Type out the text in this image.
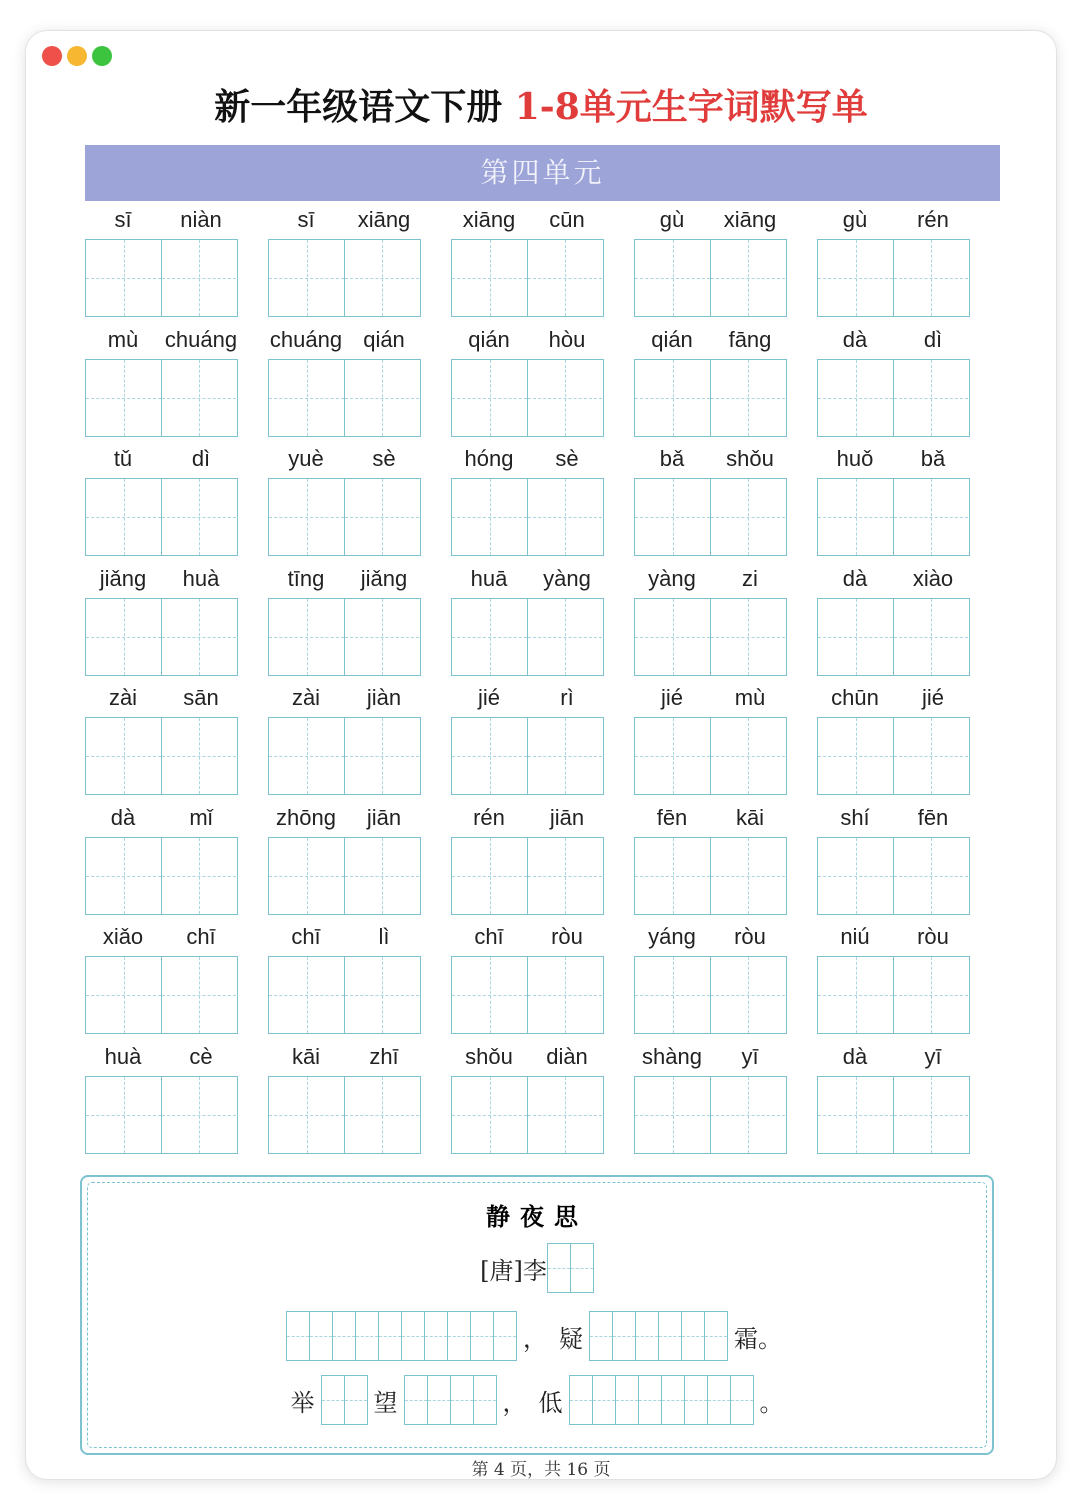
新一年级语文下册 1-8单元生字词默写单
第四单元
sī	niàn	sī	xiāng	xiāng	cūn	gù	xiāng	gù	rén
mù	chuáng chuáng qián	qián	hòu	qián	fāng	dà	dì
tǔ	dì	yuè	sè	hóng	sè	bǎ	shǒu	huǒ	bǎ
jiǎng	huà	tīng	jiǎng	huā	yàng	yàng	zi	dà	xiào
zài	sān	zài	jiàn	jié	rì	jié	mù	chūn	jié
dà	mǐ	zhōng	jiān	rén	jiān	fēn	kāi	shí	fēn
xiǎo	chī	chī	lì	chī	ròu	yáng	ròu	niú	ròu
huà	cè	kāi	zhī	shǒu	diàn	shàng	yī	dà	yī
静夜思
[唐]李
， 疑	霜。
举 望	， 低	。
第 4 页，共 16 页
